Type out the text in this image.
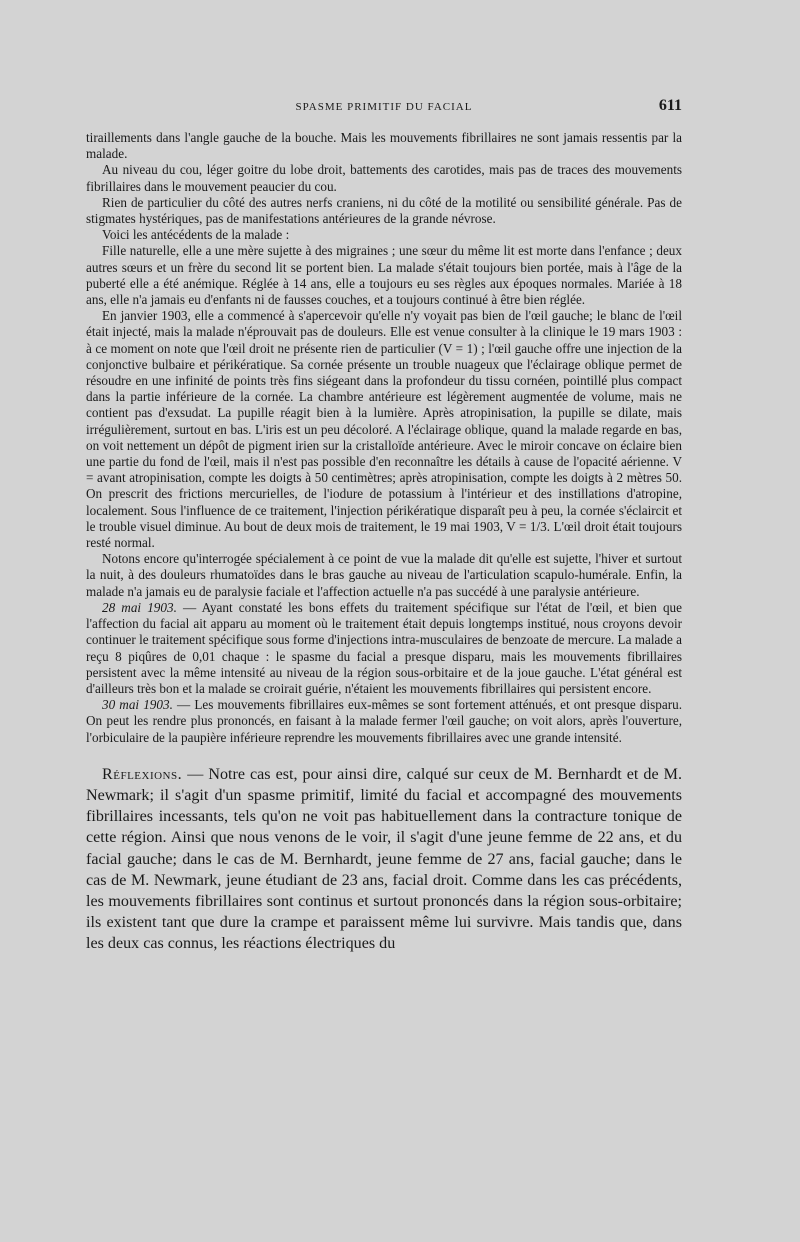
SPASME PRIMITIF DU FACIAL	611

tiraillements dans l'angle gauche de la bouche. Mais les mouvements fibrillaires ne sont jamais ressentis par la malade.

Au niveau du cou, léger goitre du lobe droit, battements des carotides, mais pas de traces des mouvements fibrillaires dans le mouvement peaucier du cou.

Rien de particulier du côté des autres nerfs craniens, ni du côté de la motilité ou sensibilité générale. Pas de stigmates hystériques, pas de manifestations antérieures de la grande névrose.

Voici les antécédents de la malade :

Fille naturelle, elle a une mère sujette à des migraines ; une sœur du même lit est morte dans l'enfance ; deux autres sœurs et un frère du second lit se portent bien. La malade s'était toujours bien portée, mais à l'âge de la puberté elle a été anémique. Réglée à 14 ans, elle a toujours eu ses règles aux époques normales. Mariée à 18 ans, elle n'a jamais eu d'enfants ni de fausses couches, et a toujours continué à être bien réglée.

En janvier 1903, elle a commencé à s'apercevoir qu'elle n'y voyait pas bien de l'œil gauche; le blanc de l'œil était injecté, mais la malade n'éprouvait pas de douleurs. Elle est venue consulter à la clinique le 19 mars 1903 : à ce moment on note que l'œil droit ne présente rien de particulier (V = 1) ; l'œil gauche offre une injection de la conjonctive bulbaire et périkératique. Sa cornée présente un trouble nuageux que l'éclairage oblique permet de résoudre en une infinité de points très fins siégeant dans la profondeur du tissu cornéen, pointillé plus compact dans la partie inférieure de la cornée. La chambre antérieure est légèrement augmentée de volume, mais ne contient pas d'exsudat. La pupille réagit bien à la lumière. Après atropinisation, la pupille se dilate, mais irrégulièrement, surtout en bas. L'iris est un peu décoloré. A l'éclairage oblique, quand la malade regarde en bas, on voit nettement un dépôt de pigment irien sur la cristalloïde antérieure. Avec le miroir concave on éclaire bien une partie du fond de l'œil, mais il n'est pas possible d'en reconnaître les détails à cause de l'opacité aérienne. V = avant atropinisation, compte les doigts à 50 centimètres; après atropinisation, compte les doigts à 2 mètres 50. On prescrit des frictions mercurielles, de l'iodure de potassium à l'intérieur et des instillations d'atropine, localement. Sous l'influence de ce traitement, l'injection périkératique disparaît peu à peu, la cornée s'éclaircit et le trouble visuel diminue. Au bout de deux mois de traitement, le 19 mai 1903, V = 1/3. L'œil droit était toujours resté normal.

Notons encore qu'interrogée spécialement à ce point de vue la malade dit qu'elle est sujette, l'hiver et surtout la nuit, à des douleurs rhumatoïdes dans le bras gauche au niveau de l'articulation scapulo-humérale. Enfin, la malade n'a jamais eu de paralysie faciale et l'affection actuelle n'a pas succédé à une paralysie antérieure.

28 mai 1903. — Ayant constaté les bons effets du traitement spécifique sur l'état de l'œil, et bien que l'affection du facial ait apparu au moment où le traitement était depuis longtemps institué, nous croyons devoir continuer le traitement spécifique sous forme d'injections intra-musculaires de benzoate de mercure. La malade a reçu 8 piqûres de 0,01 chaque : le spasme du facial a presque disparu, mais les mouvements fibrillaires persistent avec la même intensité au niveau de la région sous-orbitaire et de la joue gauche. L'état général est d'ailleurs très bon et la malade se croirait guérie, n'étaient les mouvements fibrillaires qui persistent encore.

30 mai 1903. — Les mouvements fibrillaires eux-mêmes se sont fortement atténués, et ont presque disparu. On peut les rendre plus prononcés, en faisant à la malade fermer l'œil gauche; on voit alors, après l'ouverture, l'orbiculaire de la paupière inférieure reprendre les mouvements fibrillaires avec une grande intensité.

Réflexions. — Notre cas est, pour ainsi dire, calqué sur ceux de M. Bernhardt et de M. Newmark; il s'agit d'un spasme primitif, limité du facial et accompagné des mouvements fibrillaires incessants, tels qu'on ne voit pas habituellement dans la contracture tonique de cette région. Ainsi que nous venons de le voir, il s'agit d'une jeune femme de 22 ans, et du facial gauche; dans le cas de M. Bernhardt, jeune femme de 27 ans, facial gauche; dans le cas de M. Newmark, jeune étudiant de 23 ans, facial droit. Comme dans les cas précédents, les mouvements fibrillaires sont continus et surtout prononcés dans la région sous-orbitaire; ils existent tant que dure la crampe et paraissent même lui survivre. Mais tandis que, dans les deux cas connus, les réactions électriques du
